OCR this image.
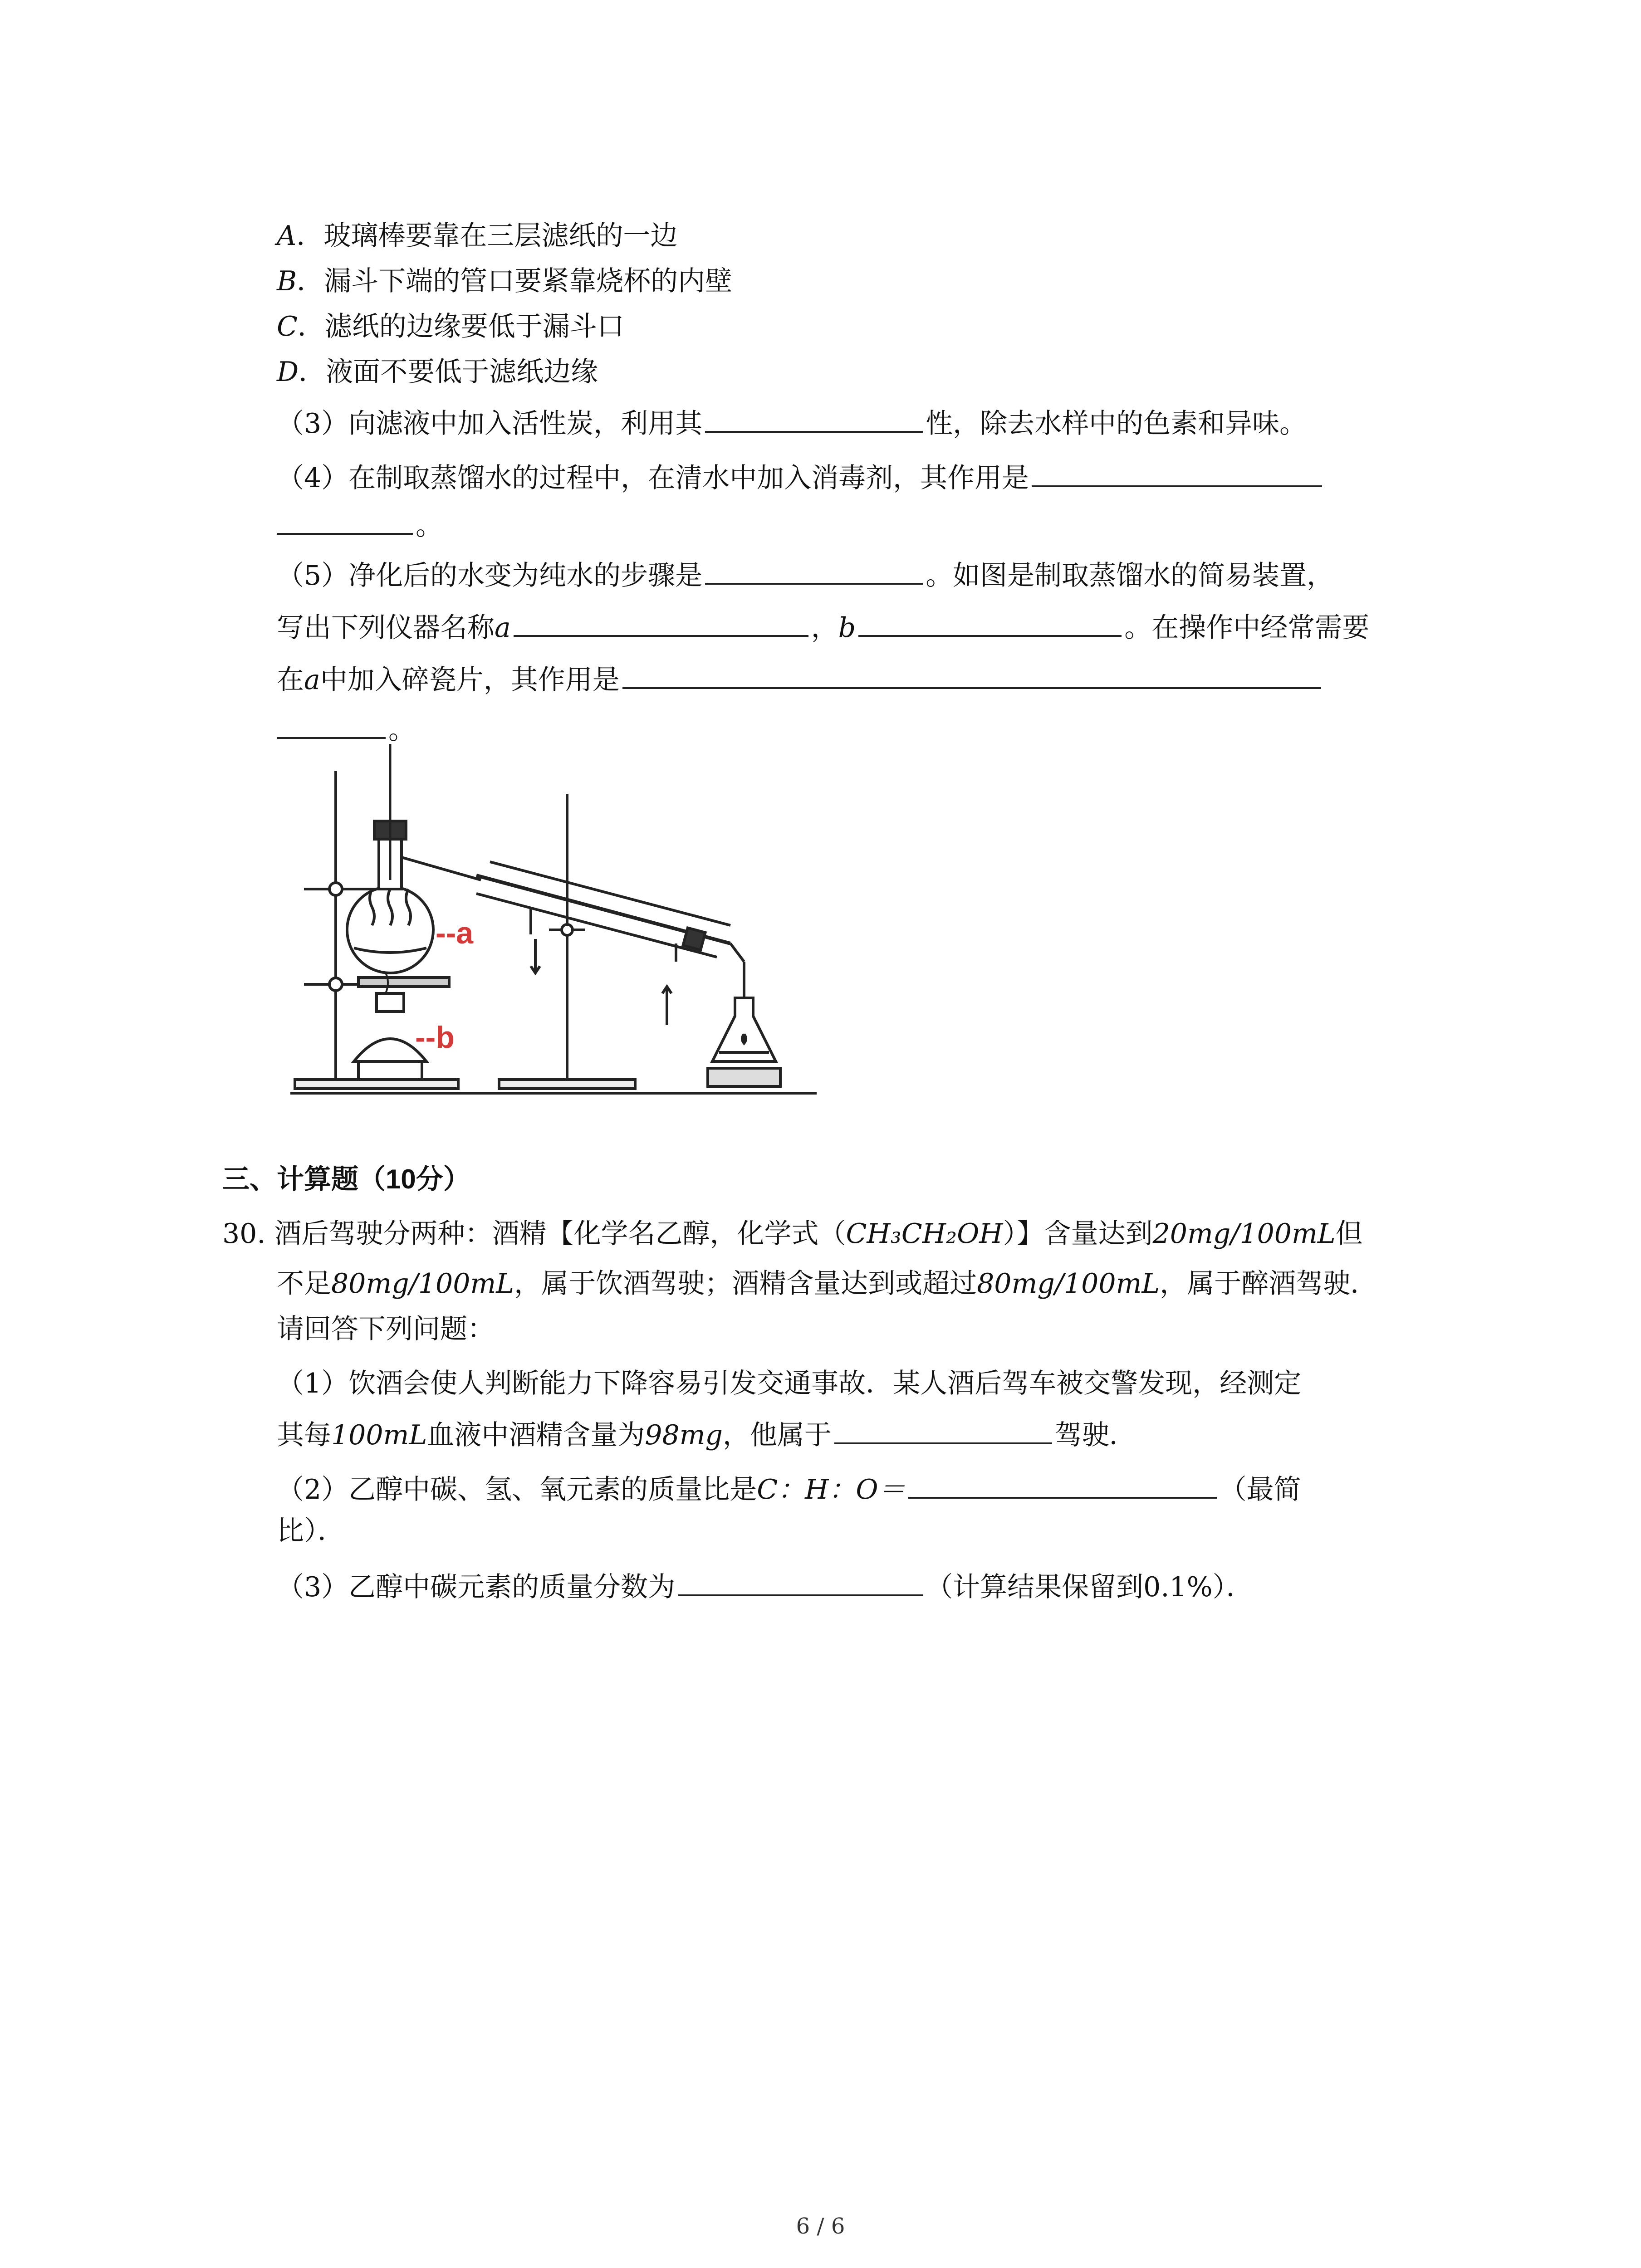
A．玻璃棒要靠在三层滤纸的一边
B．漏斗下端的管口要紧靠烧杯的内壁
C．滤纸的边缘要低于漏斗口
D．液面不要低于滤纸边缘
（3）向滤液中加入活性炭，利用其	性，除去水样中的色素和异味。
（4）在制取蒸馏水的过程中，在清水中加入消毒剂，其作用是
。
（5）净化后的水变为纯水的步骤是	。如图是制取蒸馏水的简易装置，
写出下列仪器名称a	，b	。在操作中经常需要
在a中加入碎瓷片，其作用是
。
--a
--b
三、计算题（10分）
30. 酒后驾驶分两种：酒精【化学名乙醇，化学式（CH₃CH₂OH）】含量达到20mg/100mL但
不足80mg/100mL，属于饮酒驾驶；酒精含量达到或超过80mg/100mL，属于醉酒驾驶．
请回答下列问题：
（1）饮酒会使人判断能力下降容易引发交通事故．某人酒后驾车被交警发现，经测定
其每100mL血液中酒精含量为98mg，他属于	驾驶．
（2）乙醇中碳、氢、氧元素的质量比是C：H：O＝	（最简
比）．
（3）乙醇中碳元素的质量分数为	（计算结果保留到0.1%）．
6 / 6
